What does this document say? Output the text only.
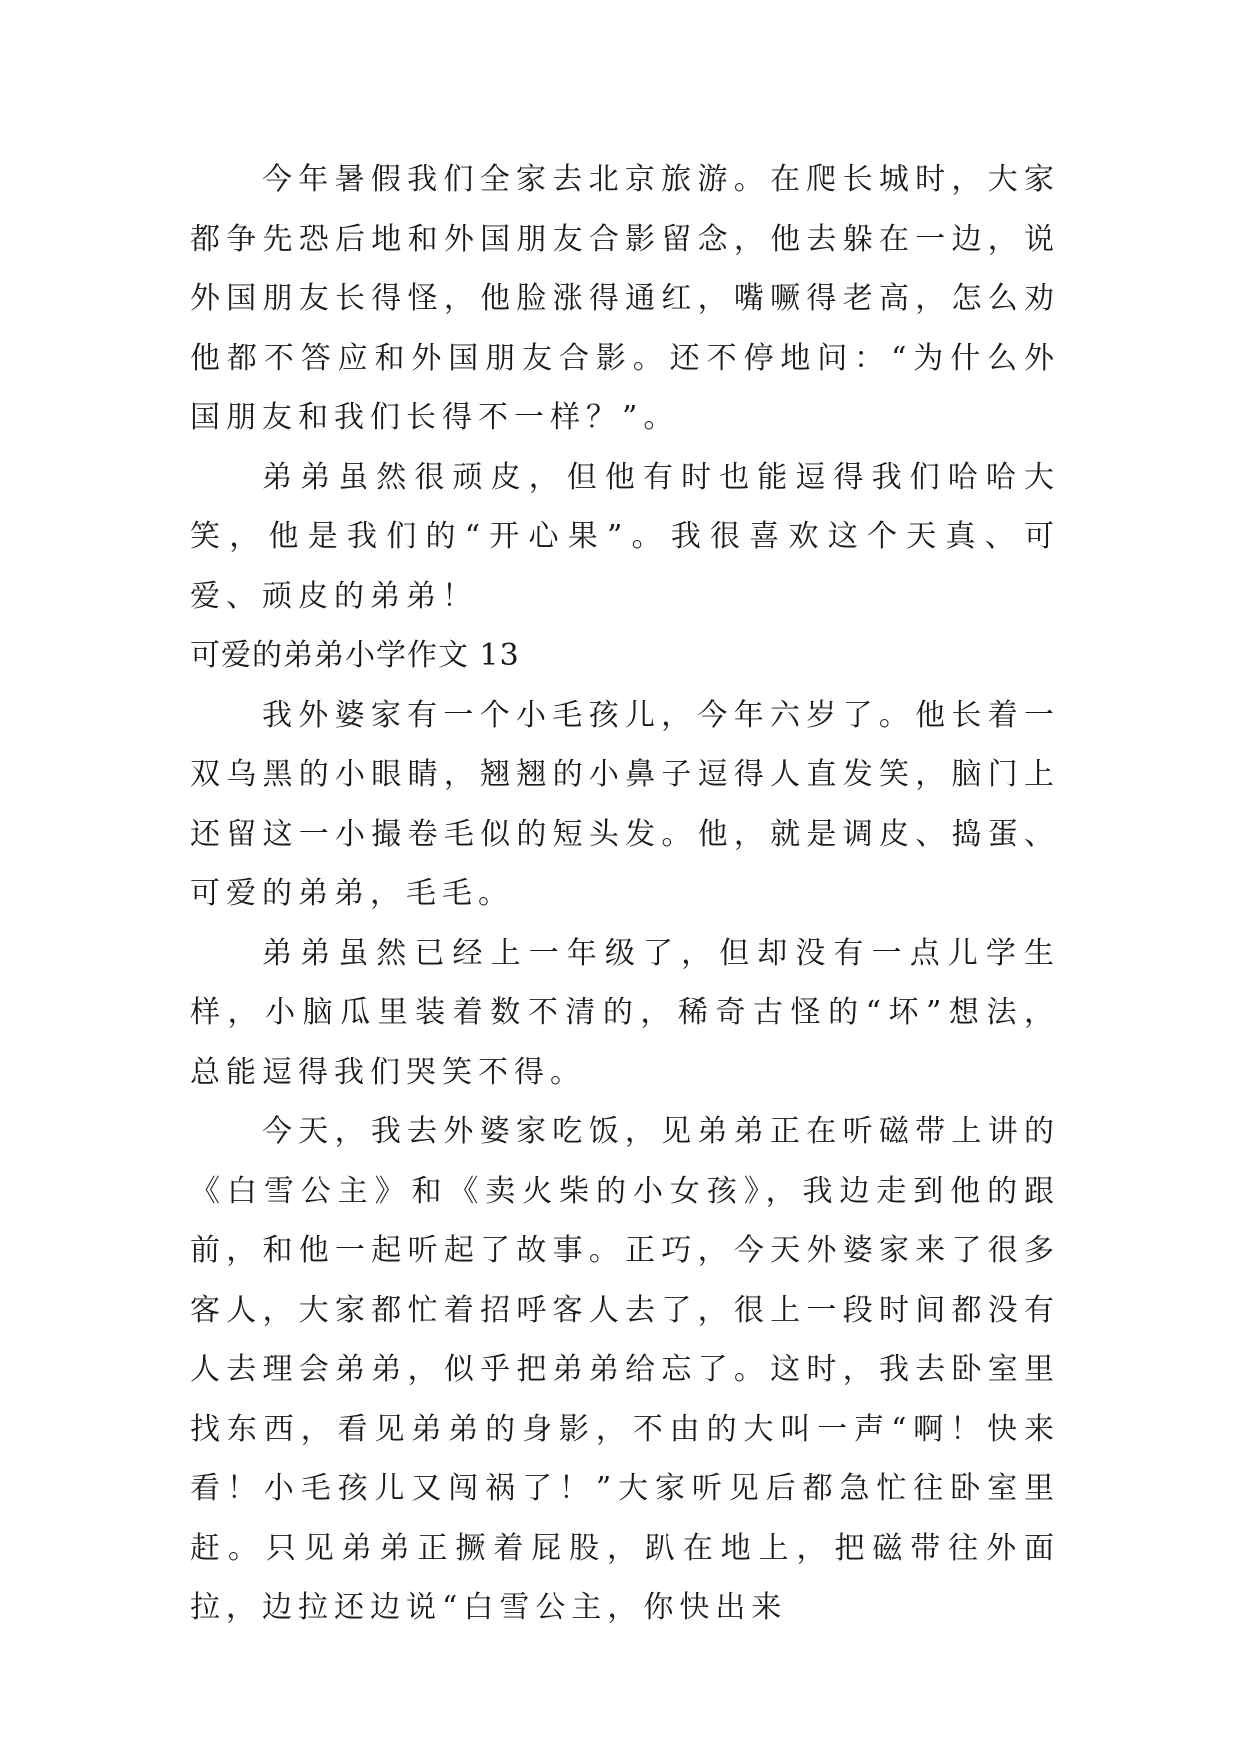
今年暑假我们全家去北京旅游。在爬长城时，大家都争先恐后地和外国朋友合影留念，他去躲在一边，说外国朋友长得怪，他脸涨得通红，嘴噘得老高，怎么劝他都不答应和外国朋友合影。还不停地问：“为什么外国朋友和我们长得不一样？”。

弟弟虽然很顽皮，但他有时也能逗得我们哈哈大笑，他是我们的“开心果”。我很喜欢这个天真、可爱、顽皮的弟弟！

可爱的弟弟小学作文 13

我外婆家有一个小毛孩儿，今年六岁了。他长着一双乌黑的小眼睛，翘翘的小鼻子逗得人直发笑，脑门上还留这一小撮卷毛似的短头发。他，就是调皮、捣蛋、可爱的弟弟，毛毛。

弟弟虽然已经上一年级了，但却没有一点儿学生样，小脑瓜里装着数不清的，稀奇古怪的“坏”想法，总能逗得我们哭笑不得。

今天，我去外婆家吃饭，见弟弟正在听磁带上讲的《白雪公主》和《卖火柴的小女孩》，我边走到他的跟前，和他一起听起了故事。正巧，今天外婆家来了很多客人，大家都忙着招呼客人去了，很上一段时间都没有人去理会弟弟，似乎把弟弟给忘了。这时，我去卧室里找东西，看见弟弟的身影，不由的大叫一声“啊！快来看！小毛孩儿又闯祸了！”大家听见后都急忙往卧室里赶。只见弟弟正撅着屁股，趴在地上，把磁带往外面拉，边拉还边说“白雪公主，你快出来
